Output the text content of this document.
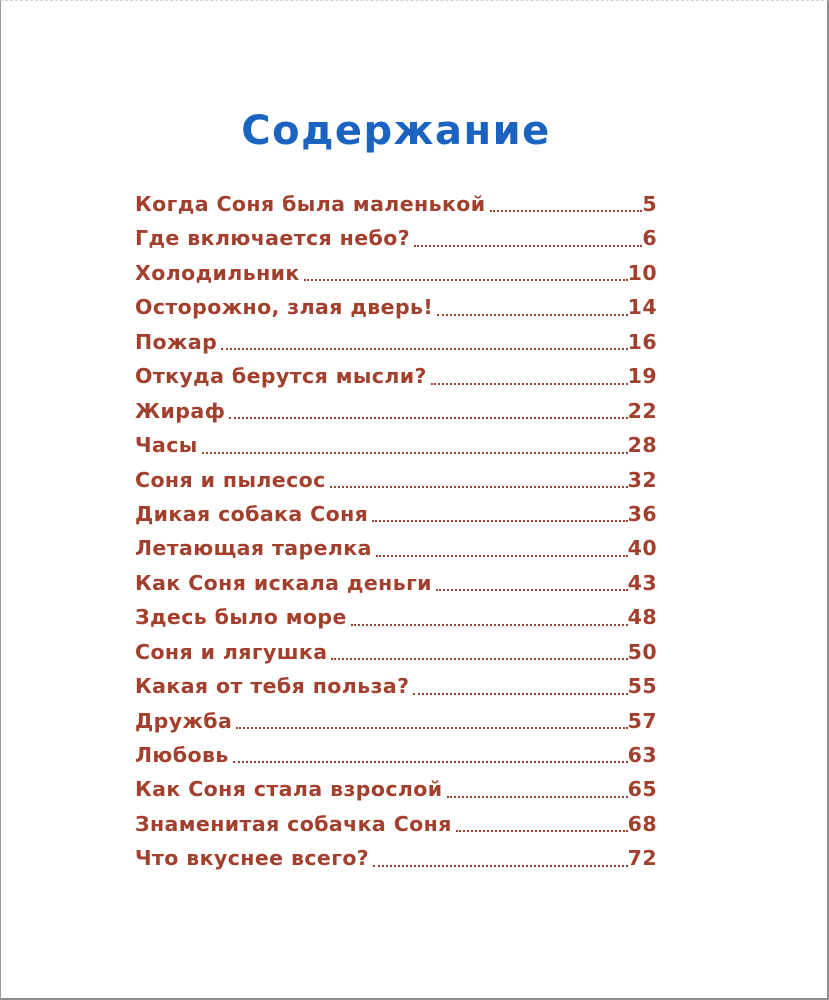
Содержание
Когда Соня была маленькой	5
Где включается небо?	6
Холодильник	10
Осторожно, злая дверь!	14
Пожар	16
Откуда берутся мысли?	19
Жираф	22
Часы	28
Соня и пылесос	32
Дикая собака Соня	36
Летающая тарелка	40
Как Соня искала деньги	43
Здесь было море	48
Соня и лягушка	50
Какая от тебя польза?	55
Дружба	57
Любовь	63
Как Соня стала взрослой	65
Знаменитая собачка Соня	68
Что вкуснее всего?	72
